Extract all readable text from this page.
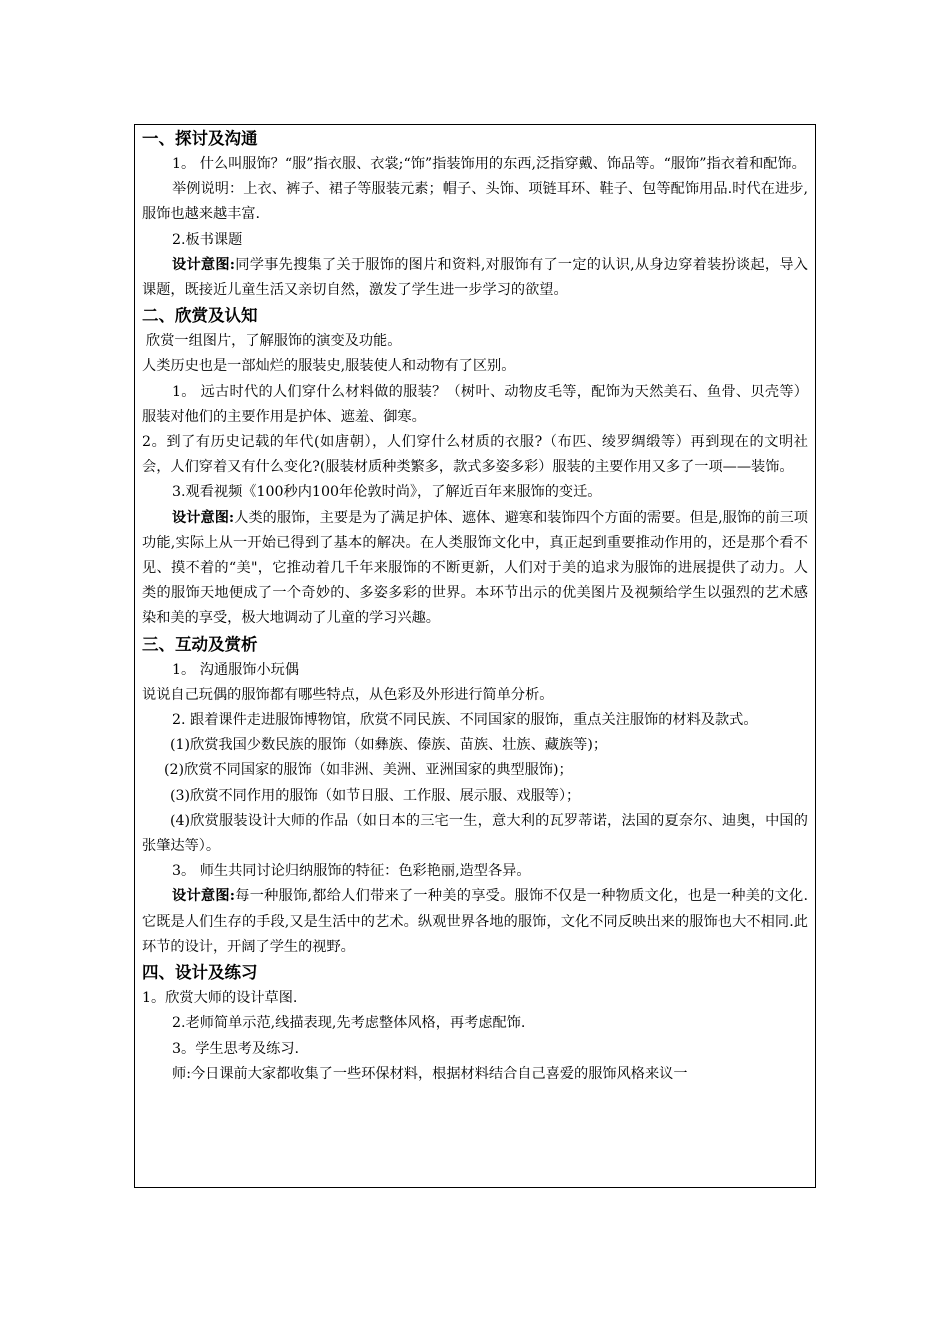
一、探讨及沟通

1。 什么叫服饰？“服”指衣服、衣裳;“饰”指装饰用的东西,泛指穿戴、饰品等。“服饰”指衣着和配饰。

举例说明：上衣、裤子、裙子等服装元素；帽子、头饰、项链耳环、鞋子、包等配饰用品.时代在进步,服饰也越来越丰富.

2.板书课题

设计意图:同学事先搜集了关于服饰的图片和资料,对服饰有了一定的认识,从身边穿着装扮谈起，导入课题，既接近儿童生活又亲切自然，激发了学生进一步学习的欲望。

二、欣赏及认知

欣赏一组图片，了解服饰的演变及功能。

人类历史也是一部灿烂的服装史,服装使人和动物有了区别。

1。 远古时代的人们穿什么材料做的服装？（树叶、动物皮毛等，配饰为天然美石、鱼骨、贝壳等）服装对他们的主要作用是护体、遮羞、御寒。

2。到了有历史记载的年代(如唐朝），人们穿什么材质的衣服?（布匹、绫罗绸缎等）再到现在的文明社会，人们穿着又有什么变化?(服装材质种类繁多，款式多姿多彩）服装的主要作用又多了一项——装饰。

3.观看视频《100秒内100年伦敦时尚》，了解近百年来服饰的变迁。

设计意图:人类的服饰，主要是为了满足护体、遮体、避寒和装饰四个方面的需要。但是,服饰的前三项功能,实际上从一开始已得到了基本的解决。在人类服饰文化中，真正起到重要推动作用的，还是那个看不见、摸不着的“美"，它推动着几千年来服饰的不断更新，人们对于美的追求为服饰的进展提供了动力。人类的服饰天地便成了一个奇妙的、多姿多彩的世界。本环节出示的优美图片及视频给学生以强烈的艺术感染和美的享受，极大地调动了儿童的学习兴趣。

三、互动及赏析

1。 沟通服饰小玩偶

说说自己玩偶的服饰都有哪些特点，从色彩及外形进行简单分析。

2. 跟着课件走进服饰博物馆，欣赏不同民族、不同国家的服饰，重点关注服饰的材料及款式。

(1)欣赏我国少数民族的服饰（如彝族、傣族、苗族、壮族、藏族等)；

(2)欣赏不同国家的服饰（如非洲、美洲、亚洲国家的典型服饰)；

(3)欣赏不同作用的服饰（如节日服、工作服、展示服、戏服等）；

(4)欣赏服装设计大师的作品（如日本的三宅一生，意大利的瓦罗蒂诺，法国的夏奈尔、迪奥，中国的张肇达等）。

3。 师生共同讨论归纳服饰的特征：色彩艳丽,造型各异。

设计意图:每一种服饰,都给人们带来了一种美的享受。服饰不仅是一种物质文化，也是一种美的文化.它既是人们生存的手段,又是生活中的艺术。纵观世界各地的服饰，文化不同反映出来的服饰也大不相同.此环节的设计，开阔了学生的视野。

四、设计及练习

1。欣赏大师的设计草图.

2.老师简单示范,线描表现,先考虑整体风格，再考虑配饰.

3。学生思考及练习.

师:今日课前大家都收集了一些环保材料，根据材料结合自己喜爱的服饰风格来议一
